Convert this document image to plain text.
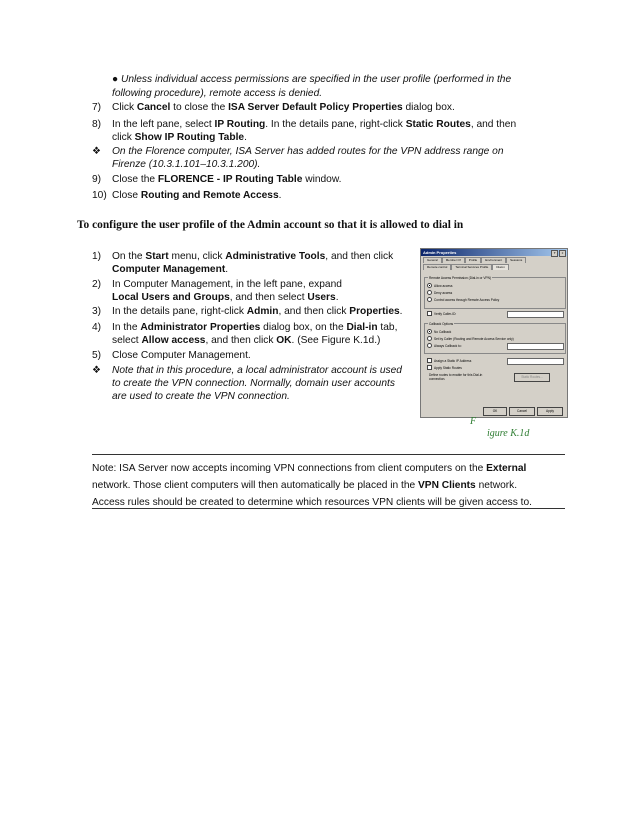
● Unless individual access permissions are specified in the user profile (performed in the
following procedure), remote access is denied.
7) Click Cancel to close the ISA Server Default Policy Properties dialog box.
8) In the left pane, select IP Routing. In the details pane, right-click Static Routes, and then
click Show IP Routing Table.
❖ On the Florence computer, ISA Server has added routes for the VPN address range on
Firenze (10.3.1.101–10.3.1.200).
9) Close the FLORENCE - IP Routing Table window.
10) Close Routing and Remote Access.
To configure the user profile of the Admin account so that it is allowed to dial in
1) On the Start menu, click Administrative Tools, and then click
Computer Management.
2) In Computer Management, in the left pane, expand
Local Users and Groups, and then select Users.
3) In the details pane, right-click Admin, and then click Properties.
4) In the Administrator Properties dialog box, on the Dial-in tab,
select Allow access, and then click OK. (See Figure K.1d.)
5) Close Computer Management.
❖ Note that in this procedure, a local administrator account is used
to create the VPN connection. Normally, domain user accounts
are used to create the VPN connection.
Admin Properties	?	×
General	Member Of	Profile	Environment	Sessions
Remote control	Terminal Services Profile	Dial-in
Remote Access Permission (Dial-in or VPN)
Allow access
Deny access
Control access through Remote Access Policy
Verify Caller-ID:
Callback Options
No Callback
Set by Caller (Routing and Remote Access Service only)
Always Callback to:
Assign a Static IP Address
Apply Static Routes
Define routes to enable for this Dial-in connection.	Static Routes...
OK	Cancel	Apply
F
igure K.1d
Note: ISA Server now accepts incoming VPN connections from client computers on the External
network. Those client computers will then automatically be placed in the VPN Clients network.
Access rules should be created to determine which resources VPN clients will be given access to.
